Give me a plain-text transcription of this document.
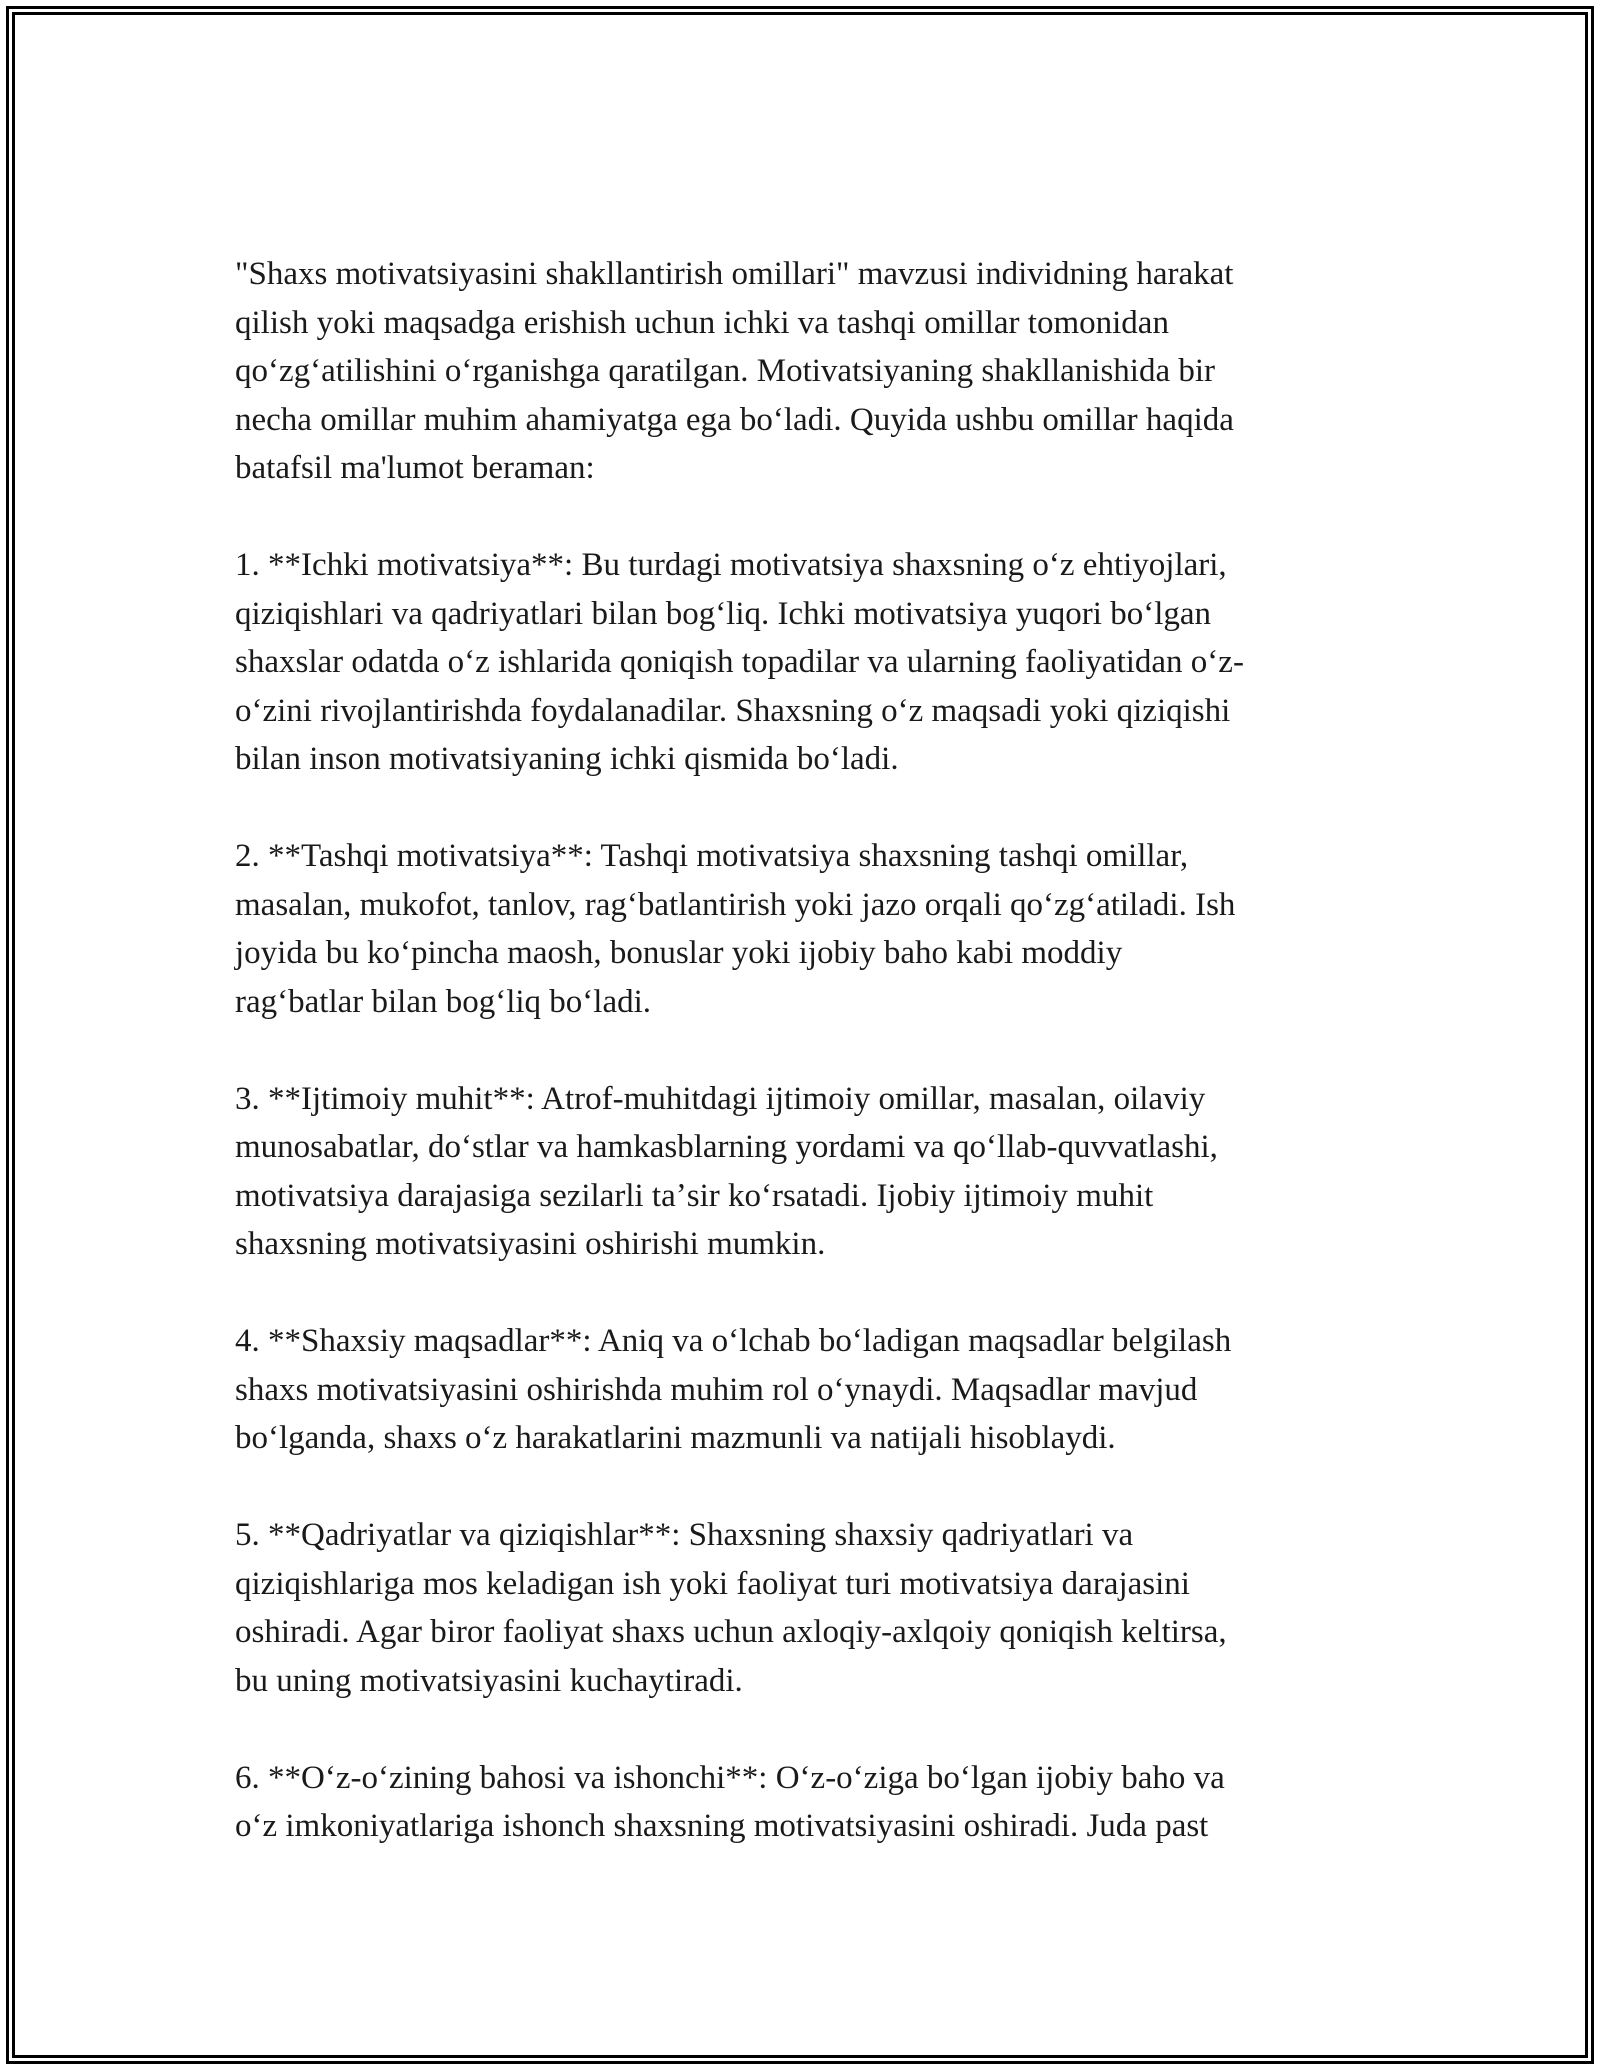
"Shaxs motivatsiyasini shakllantirish omillari" mavzusi individning harakat
qilish yoki maqsadga erishish uchun ichki va tashqi omillar tomonidan
qoʻzgʻatilishini oʻrganishga qaratilgan. Motivatsiyaning shakllanishida bir
necha omillar muhim ahamiyatga ega boʻladi. Quyida ushbu omillar haqida
batafsil ma'lumot beraman:

1. **Ichki motivatsiya**: Bu turdagi motivatsiya shaxsning oʻz ehtiyojlari,
qiziqishlari va qadriyatlari bilan bogʻliq. Ichki motivatsiya yuqori boʻlgan
shaxslar odatda oʻz ishlarida qoniqish topadilar va ularning faoliyatidan oʻz-
oʻzini rivojlantirishda foydalanadilar. Shaxsning oʻz maqsadi yoki qiziqishi
bilan inson motivatsiyaning ichki qismida boʻladi.

2. **Tashqi motivatsiya**: Tashqi motivatsiya shaxsning tashqi omillar,
masalan, mukofot, tanlov, ragʻbatlantirish yoki jazo orqali qoʻzgʻatiladi. Ish
joyida bu koʻpincha maosh, bonuslar yoki ijobiy baho kabi moddiy
ragʻbatlar bilan bogʻliq boʻladi.

3. **Ijtimoiy muhit**: Atrof-muhitdagi ijtimoiy omillar, masalan, oilaviy
munosabatlar, doʻstlar va hamkasblarning yordami va qoʻllab-quvvatlashi,
motivatsiya darajasiga sezilarli taʼsir koʻrsatadi. Ijobiy ijtimoiy muhit
shaxsning motivatsiyasini oshirishi mumkin.

4. **Shaxsiy maqsadlar**: Aniq va oʻlchab boʻladigan maqsadlar belgilash
shaxs motivatsiyasini oshirishda muhim rol oʻynaydi. Maqsadlar mavjud
boʻlganda, shaxs oʻz harakatlarini mazmunli va natijali hisoblaydi.

5. **Qadriyatlar va qiziqishlar**: Shaxsning shaxsiy qadriyatlari va
qiziqishlariga mos keladigan ish yoki faoliyat turi motivatsiya darajasini
oshiradi. Agar biror faoliyat shaxs uchun axloqiy-axlqoiy qoniqish keltirsa,
bu uning motivatsiyasini kuchaytiradi.

6. **Oʻz-oʻzining bahosi va ishonchi**: Oʻz-oʻziga boʻlgan ijobiy baho va
oʻz imkoniyatlariga ishonch shaxsning motivatsiyasini oshiradi. Juda past
